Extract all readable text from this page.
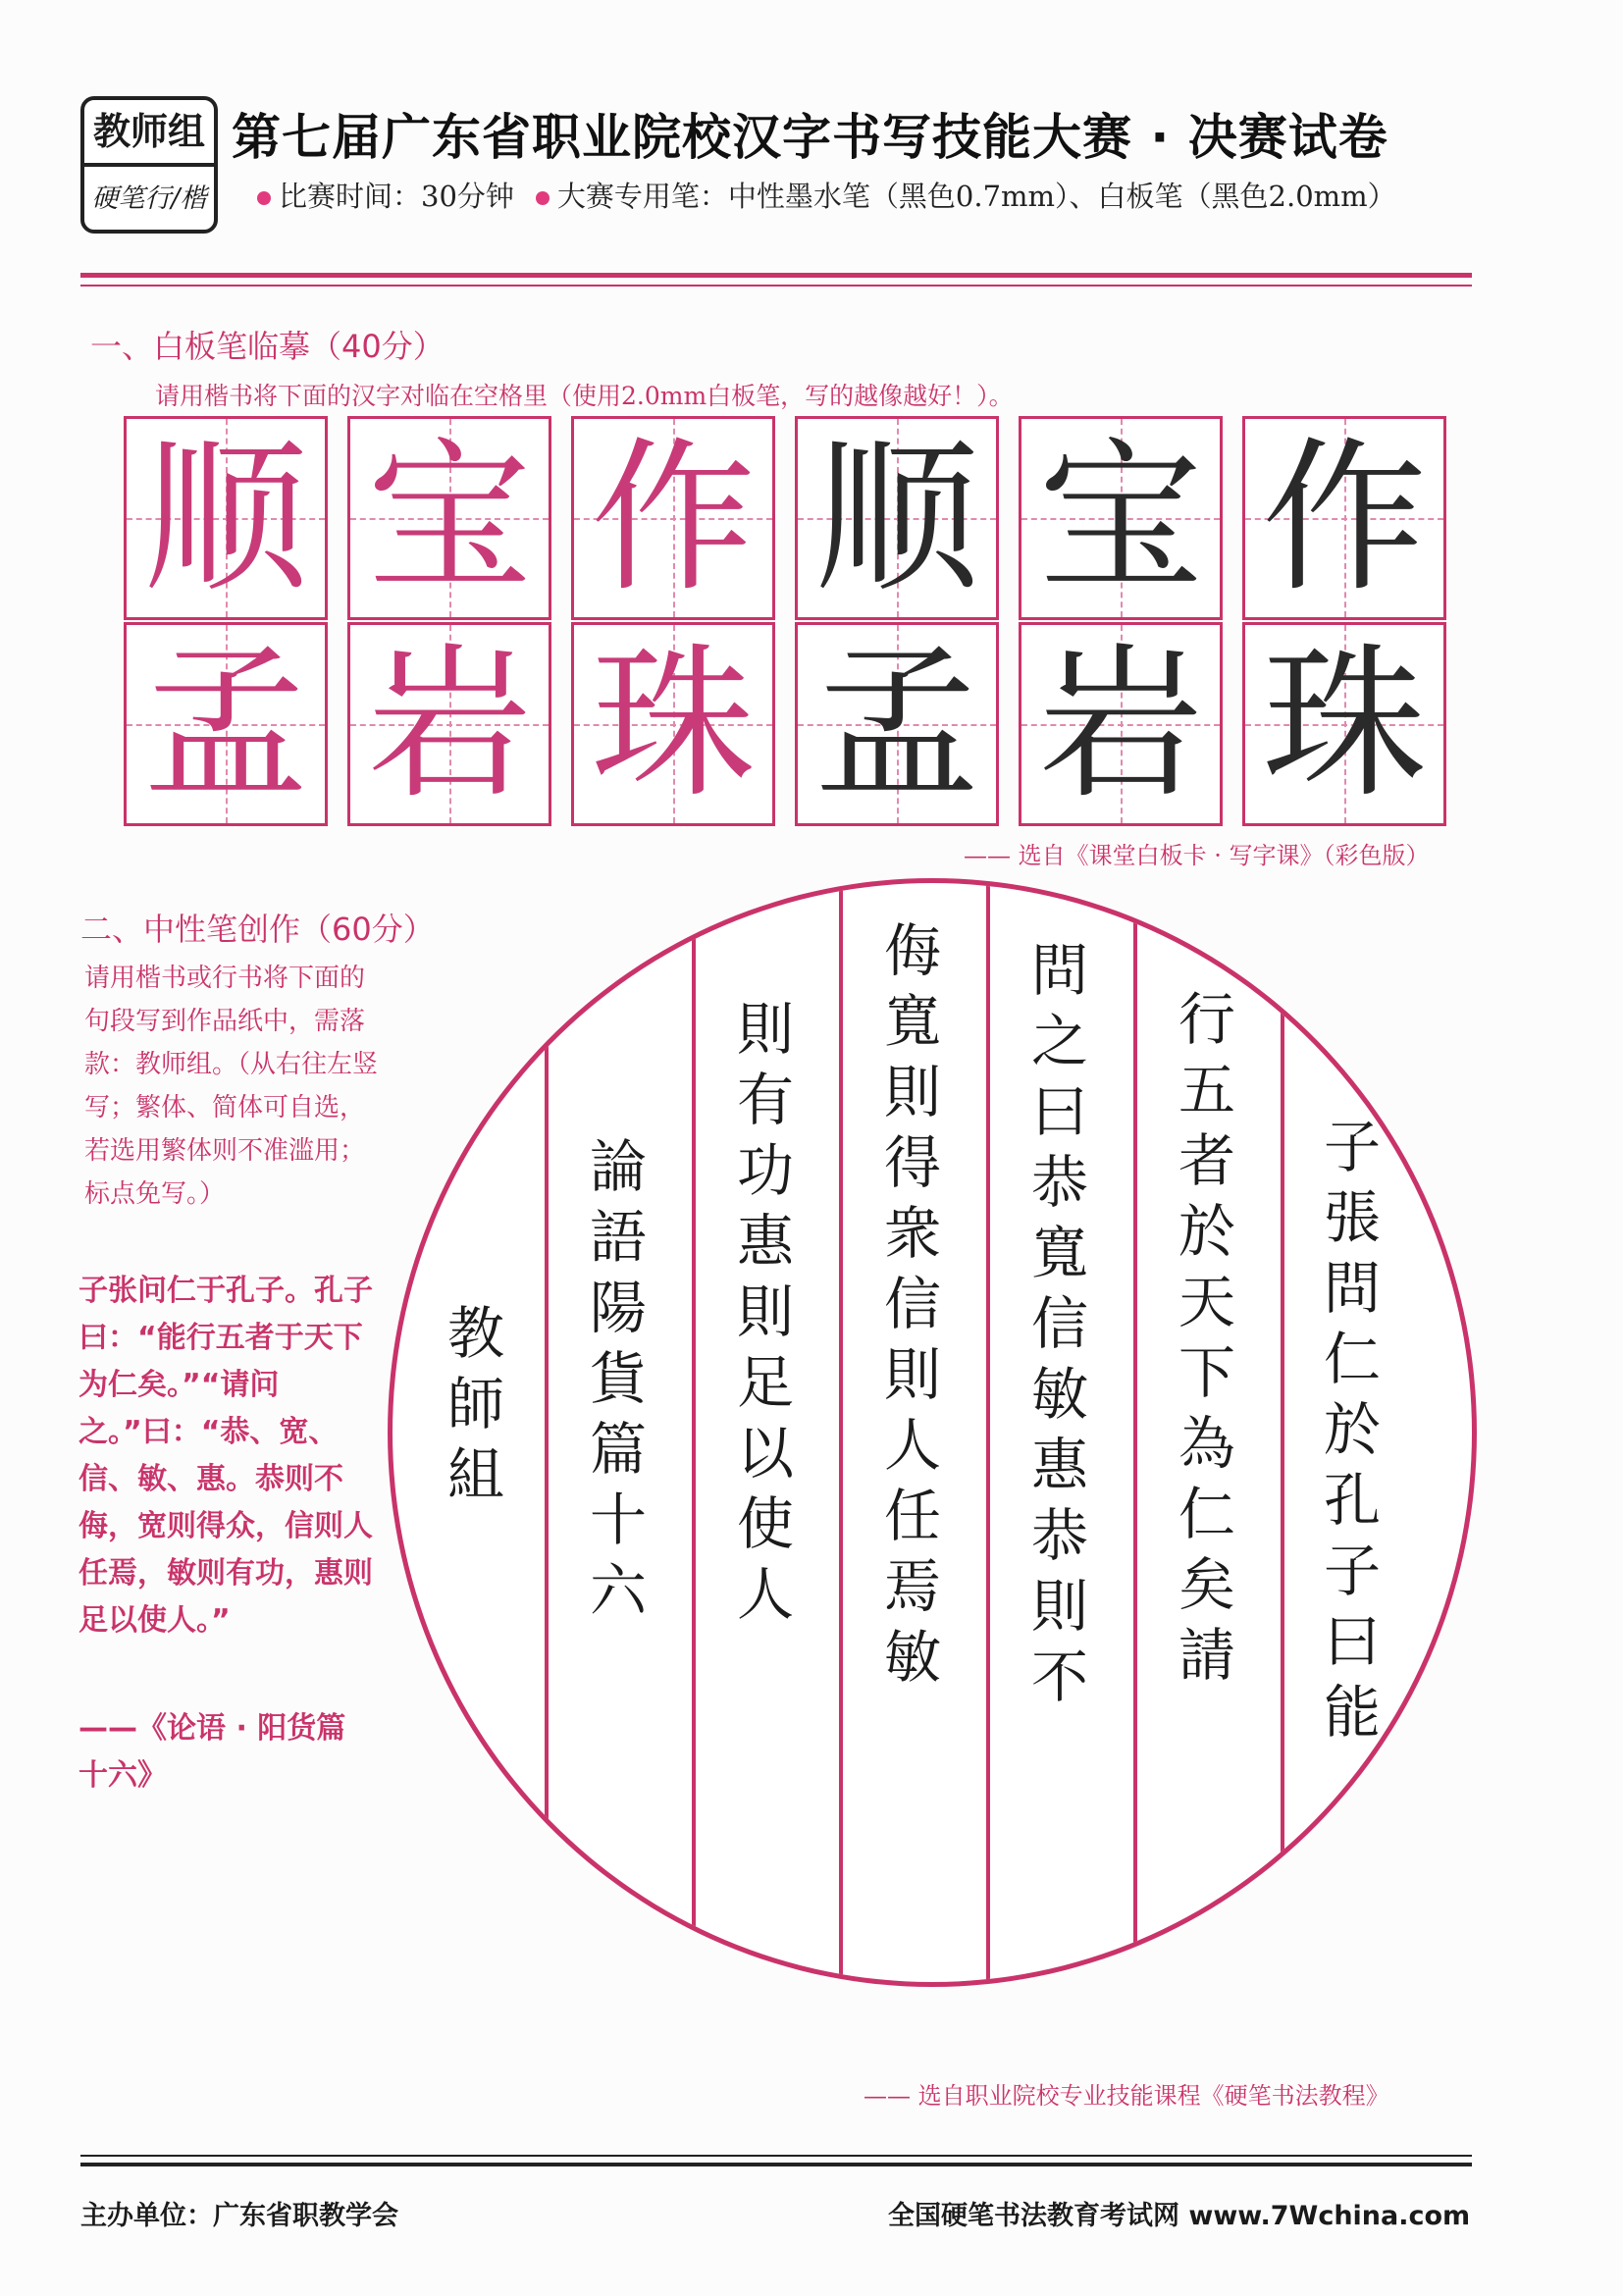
教师组
硬笔行/楷
第七届广东省职业院校汉字书写技能大赛 · 决赛试卷
比赛时间：30分钟 大赛专用笔：中性墨水笔（黑色0.7mm）、白板笔（黑色2.0mm）
一、白板笔临摹（40分）
请用楷书将下面的汉字对临在空格里（使用2.0mm白板笔，写的越像越好！）。
顺 宝 作 顺 宝 作
孟 岩 珠 孟 岩 珠
—— 选自《课堂白板卡 · 写字课》（彩色版）
二、中性笔创作（60分）
请用楷书或行书将下面的句段写到作品纸中，需落款：教师组。（从右往左竖写；繁体、简体可自选，若选用繁体则不准滥用；标点免写。）
子张问仁于孔子。孔子曰：“能行五者于天下为仁矣。”“请问之。”曰：“恭、宽、信、敏、惠。恭则不侮，宽则得众，信则人任焉，敏则有功，惠则足以使人。”
——《论语 · 阳货篇十六》
子
張
問
仁
於
孔
子
曰
能
行
五
者
於
天
下
為
仁
矣
請
問
之
曰
恭
寬
信
敏
惠
恭
則
不
侮
寬
則
得
衆
信
則
人
任
焉
敏
則
有
功
惠
則
足
以
使
人
論
語
陽
貨
篇
十
六
教
師
組
—— 选自职业院校专业技能课程《硬笔书法教程》
主办单位：广东省职教学会	全国硬笔书法教育考试网 www.7Wchina.com
